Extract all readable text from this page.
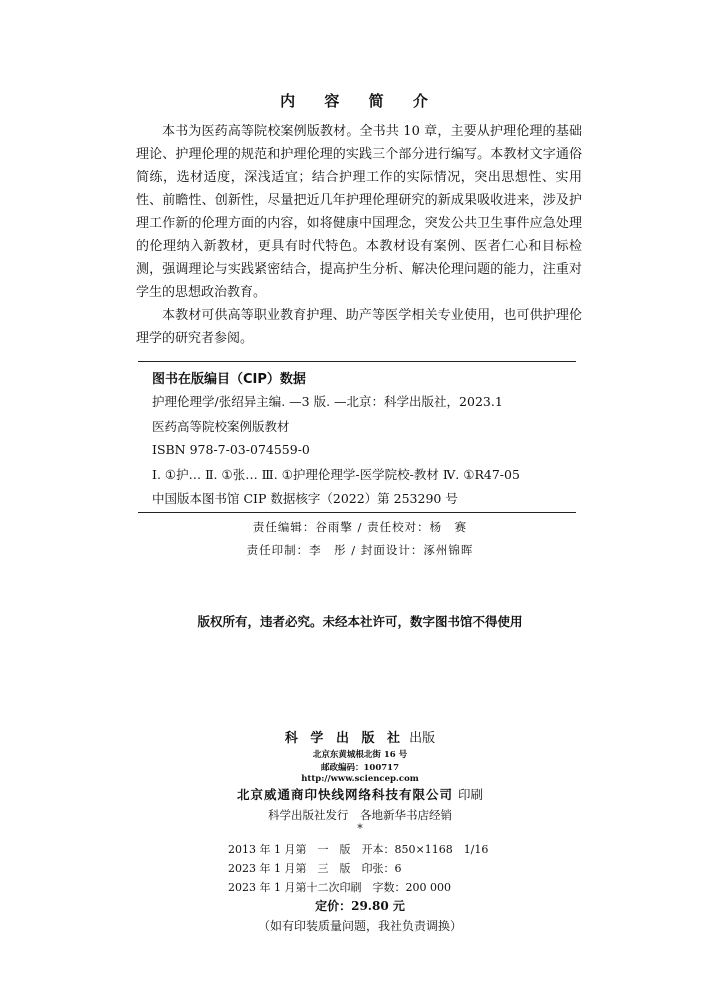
内 容 简 介

本书为医药高等院校案例版教材。全书共 10 章，主要从护理伦理的基础理论、护理伦理的规范和护理伦理的实践三个部分进行编写。本教材文字通俗简练，选材适度，深浅适宜；结合护理工作的实际情况，突出思想性、实用性、前瞻性、创新性，尽量把近几年护理伦理研究的新成果吸收进来，涉及护理工作新的伦理方面的内容，如将健康中国理念，突发公共卫生事件应急处理的伦理纳入新教材，更具有时代特色。本教材设有案例、医者仁心和目标检测，强调理论与实践紧密结合，提高护生分析、解决伦理问题的能力，注重对学生的思想政治教育。

本教材可供高等职业教育护理、助产等医学相关专业使用，也可供护理伦理学的研究者参阅。

图书在版编目（CIP）数据
护理伦理学/张绍异主编. —3 版. —北京：科学出版社，2023.1
医药高等院校案例版教材
ISBN 978-7-03-074559-0
Ⅰ. ①护… Ⅱ. ①张… Ⅲ. ①护理伦理学-医学院校-教材 Ⅳ. ①R47-05
中国版本图书馆 CIP 数据核字（2022）第 253290 号
责任编辑：谷雨擎 / 责任校对：杨　赛
责任印制：李　彤 / 封面设计：涿州锦晖
版权所有，违者必究。未经本社许可，数字图书馆不得使用
科 学 出 版 社 出版
北京东黄城根北街 16 号
邮政编码：100717
http://www.sciencep.com
北京威通商印快线网络科技有限公司 印刷
科学出版社发行　各地新华书店经销
*
2013 年 1 月第　一　版　开本：850×1168　1/16
2023 年 1 月第　三　版　印张：6
2023 年 1 月第十二次印刷　字数：200 000
定价：29.80 元
（如有印装质量问题，我社负责调换）
